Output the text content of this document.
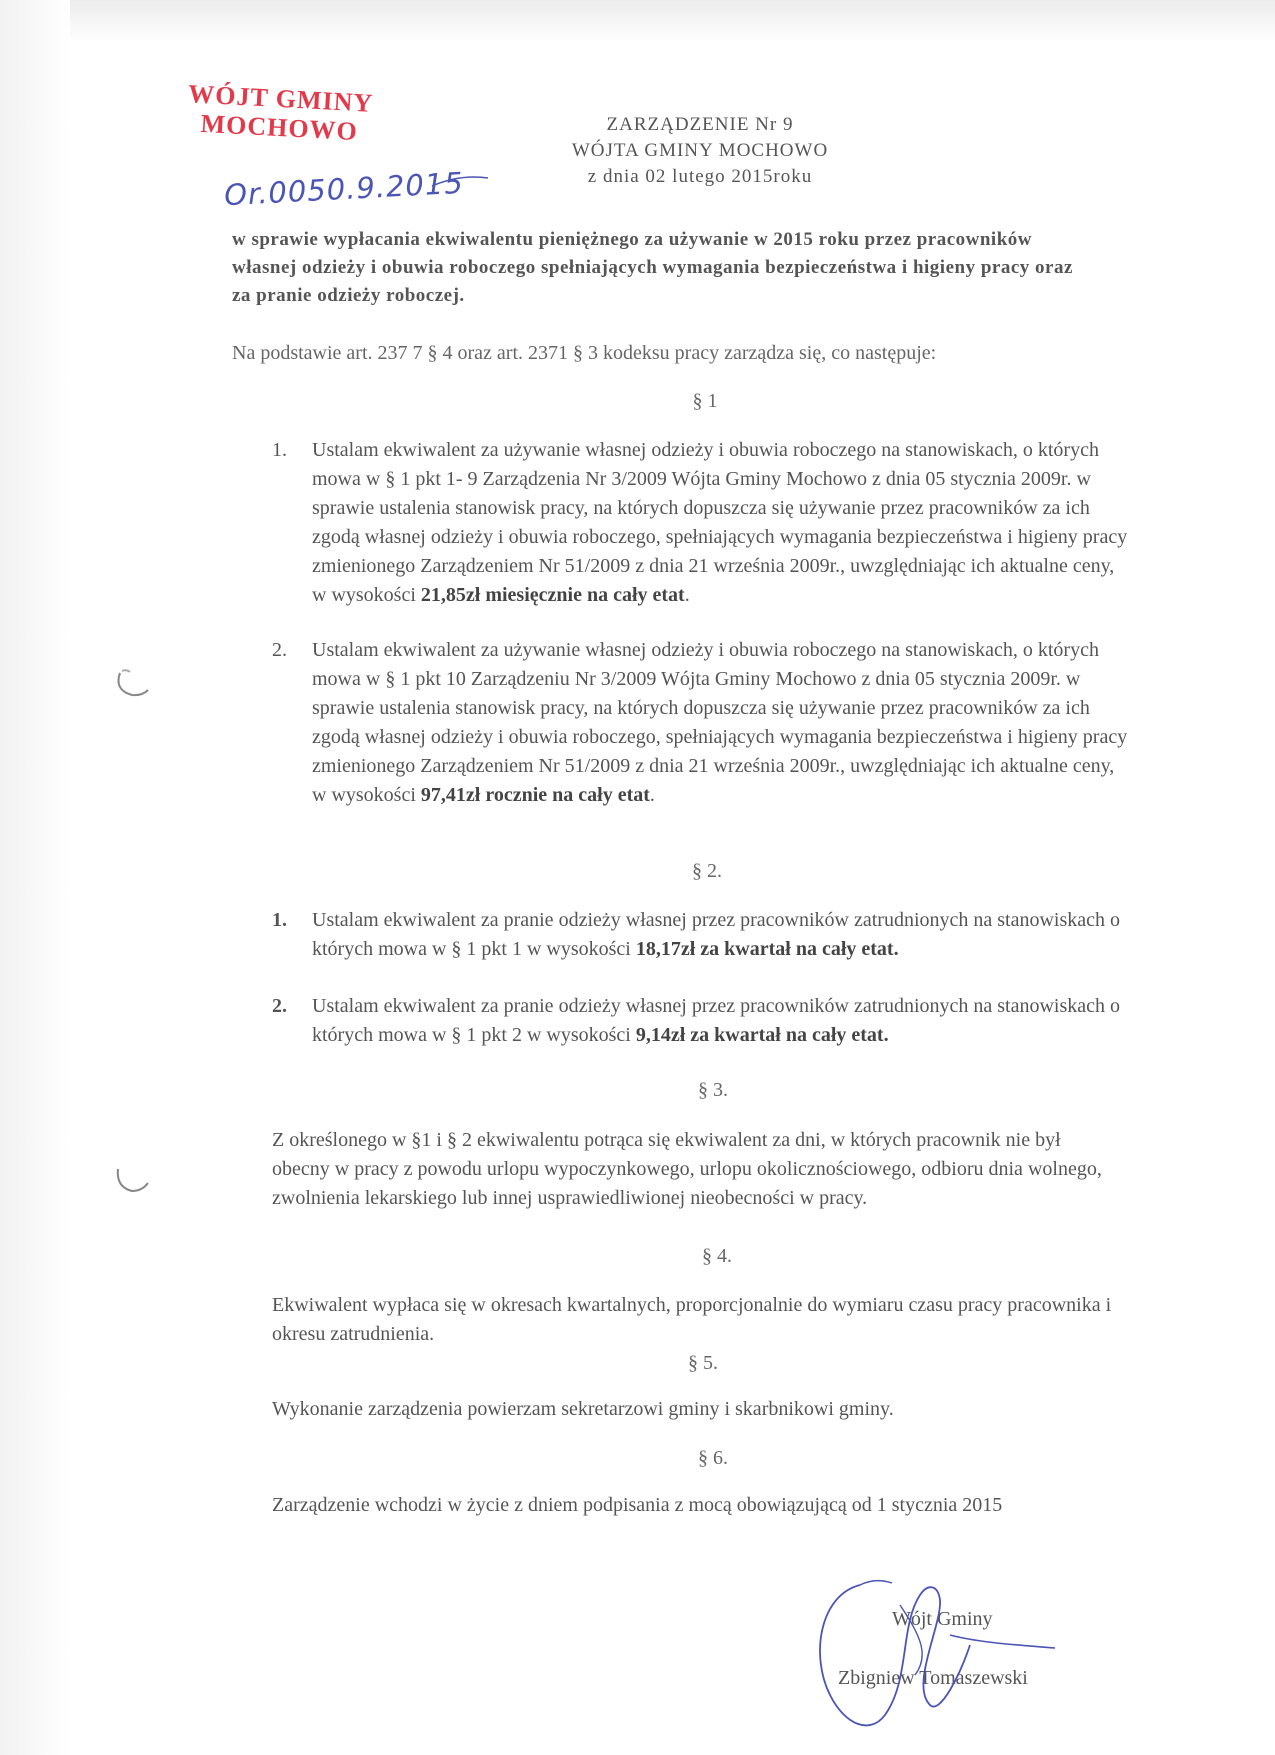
WÓJT GMINY
MOCHOWO
Or.0050.9.2015
ZARZĄDZENIE Nr 9
WÓJTA GMINY MOCHOWO
z dnia 02 lutego 2015roku
w sprawie wypłacania ekwiwalentu pieniężnego za używanie w 2015 roku przez pracowników własnej odzieży i obuwia roboczego spełniających wymagania bezpieczeństwa i higieny pracy oraz za pranie odzieży roboczej.
Na podstawie art. 237 7 § 4 oraz art. 2371 § 3 kodeksu pracy zarządza się, co następuje:
§ 1
1. Ustalam ekwiwalent za używanie własnej odzieży i obuwia roboczego na stanowiskach, o których mowa w § 1 pkt 1- 9 Zarządzenia Nr 3/2009 Wójta Gminy Mochowo z dnia 05 stycznia 2009r. w sprawie ustalenia stanowisk pracy, na których dopuszcza się używanie przez pracowników za ich zgodą własnej odzieży i obuwia roboczego, spełniających wymagania bezpieczeństwa i higieny pracy zmienionego Zarządzeniem Nr 51/2009 z dnia 21 września 2009r., uwzględniając ich aktualne ceny, w wysokości 21,85zł miesięcznie na cały etat.
2. Ustalam ekwiwalent za używanie własnej odzieży i obuwia roboczego na stanowiskach, o których mowa w § 1 pkt 10 Zarządzeniu Nr 3/2009 Wójta Gminy Mochowo z dnia 05 stycznia 2009r. w sprawie ustalenia stanowisk pracy, na których dopuszcza się używanie przez pracowników za ich zgodą własnej odzieży i obuwia roboczego, spełniających wymagania bezpieczeństwa i higieny pracy zmienionego Zarządzeniem Nr 51/2009 z dnia 21 września 2009r., uwzględniając ich aktualne ceny, w wysokości 97,41zł rocznie na cały etat.
§ 2.
1. Ustalam ekwiwalent za pranie odzieży własnej przez pracowników zatrudnionych na stanowiskach o których mowa w § 1 pkt 1 w wysokości 18,17zł za kwartał na cały etat.
2. Ustalam ekwiwalent za pranie odzieży własnej przez pracowników zatrudnionych na stanowiskach o których mowa w § 1 pkt 2 w wysokości 9,14zł za kwartał na cały etat.
§ 3.
Z określonego w §1 i § 2 ekwiwalentu potrąca się ekwiwalent za dni, w których pracownik nie był obecny w pracy z powodu urlopu wypoczynkowego, urlopu okolicznościowego, odbioru dnia wolnego, zwolnienia lekarskiego lub innej usprawiedliwionej nieobecności w pracy.
§ 4.
Ekwiwalent wypłaca się w okresach kwartalnych, proporcjonalnie do wymiaru czasu pracy pracownika i okresu zatrudnienia.
§ 5.
Wykonanie zarządzenia powierzam sekretarzowi gminy i skarbnikowi gminy.
§ 6.
Zarządzenie wchodzi w życie z dniem podpisania z mocą obowiązującą od 1 stycznia 2015
Wójt Gminy
Zbigniew Tomaszewski
